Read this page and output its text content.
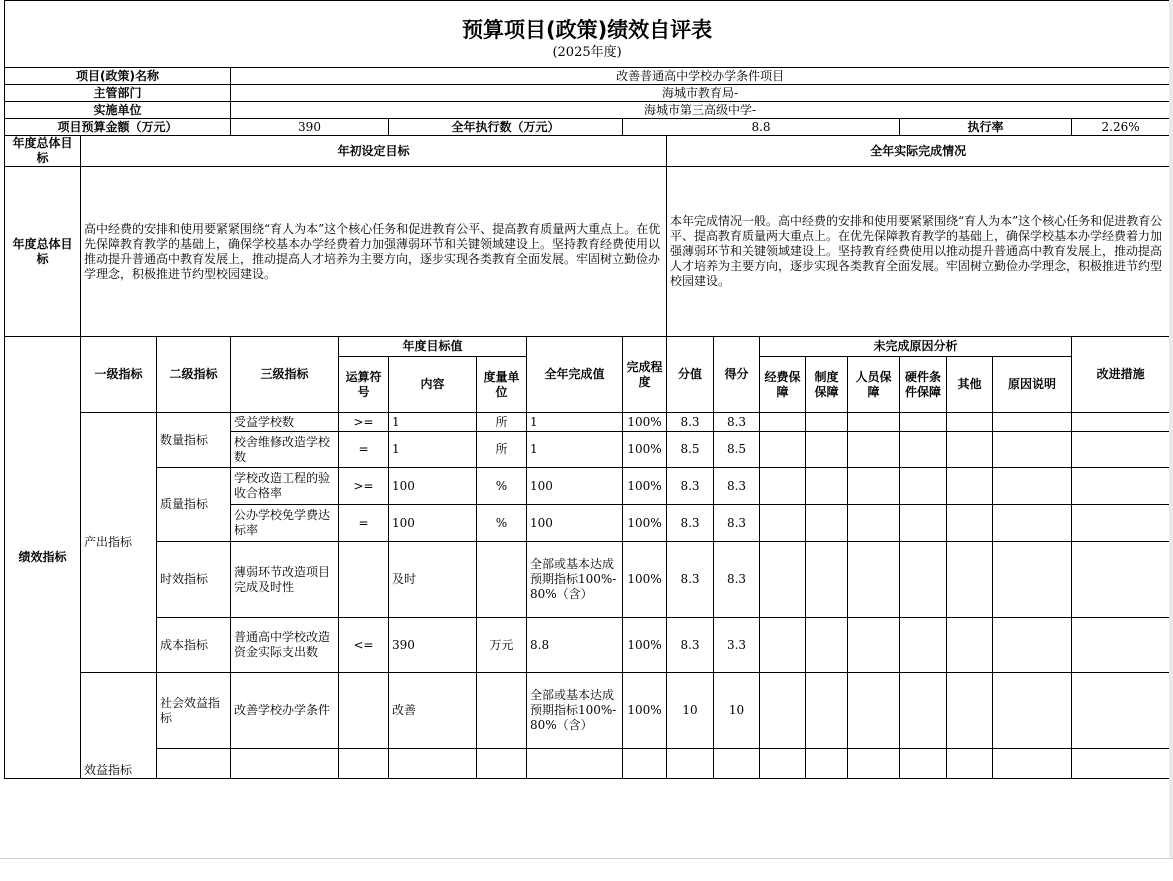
预算项目(政策)绩效自评表
(2025年度)																	

项目(政策)名称			改善普通高中学校办学条件项目														
主管部门			海城市教育局-														
实施单位			海城市第三高级中学-														
项目预算金额（万元）			390		全年执行数（万元）			8.8						执行率			2.26%
年度总体目标	年初设定目标								全年实际完成情况								
年度总体目标	高中经费的安排和使用要紧紧围绕“育人为本”这个核心任务和促进教育公平、提高教育质量两大重点上。在优先保障教育教学的基础上，确保学校基本办学经费着力加强薄弱环节和关键领域建设上。坚持教育经费使用以推动提升普通高中教育发展上，推动提高人才培养为主要方向，逐步实现各类教育全面发展。牢固树立勤俭办学理念，积极推进节约型校园建设。								本年完成情况一般。高中经费的安排和使用要紧紧围绕“育人为本”这个核心任务和促进教育公平、提高教育质量两大重点上。在优先保障教育教学的基础上，确保学校基本办学经费着力加强薄弱环节和关键领域建设上。坚持教育经费使用以推动提升普通高中教育发展上，推动提高人才培养为主要方向，逐步实现各类教育全面发展。牢固树立勤俭办学理念，积极推进节约型校园建设。								
绩效指标	一级指标	二级指标	三级指标	年度目标值			全年完成值	完成程度	分值	得分	未完成原因分析						改进措施
				运算符号	内容	度量单位					经费保障	制度保障	人员保障	硬件条件保障	其他	原因说明	
	产出指标	数量指标	受益学校数	>=	1	所	1	100%	8.3	8.3							
			校舍维修改造学校数	=	1	所	1	100%	8.5	8.5							
		质量指标	学校改造工程的验收合格率	>=	100	%	100	100%	8.3	8.3							
			公办学校免学费达标率	=	100	%	100	100%	8.3	8.3							
		时效指标	薄弱环节改造项目完成及时性		及时		全部或基本达成预期指标100%-80%（含）	100%	8.3	8.3							
		成本指标	普通高中学校改造资金实际支出数	<=	390	万元	8.8	100%	8.3	3.3							
	效益指标	社会效益指标	改善学校办学条件		改善		全部或基本达成预期指标100%-80%（含）	100%	10	10							
